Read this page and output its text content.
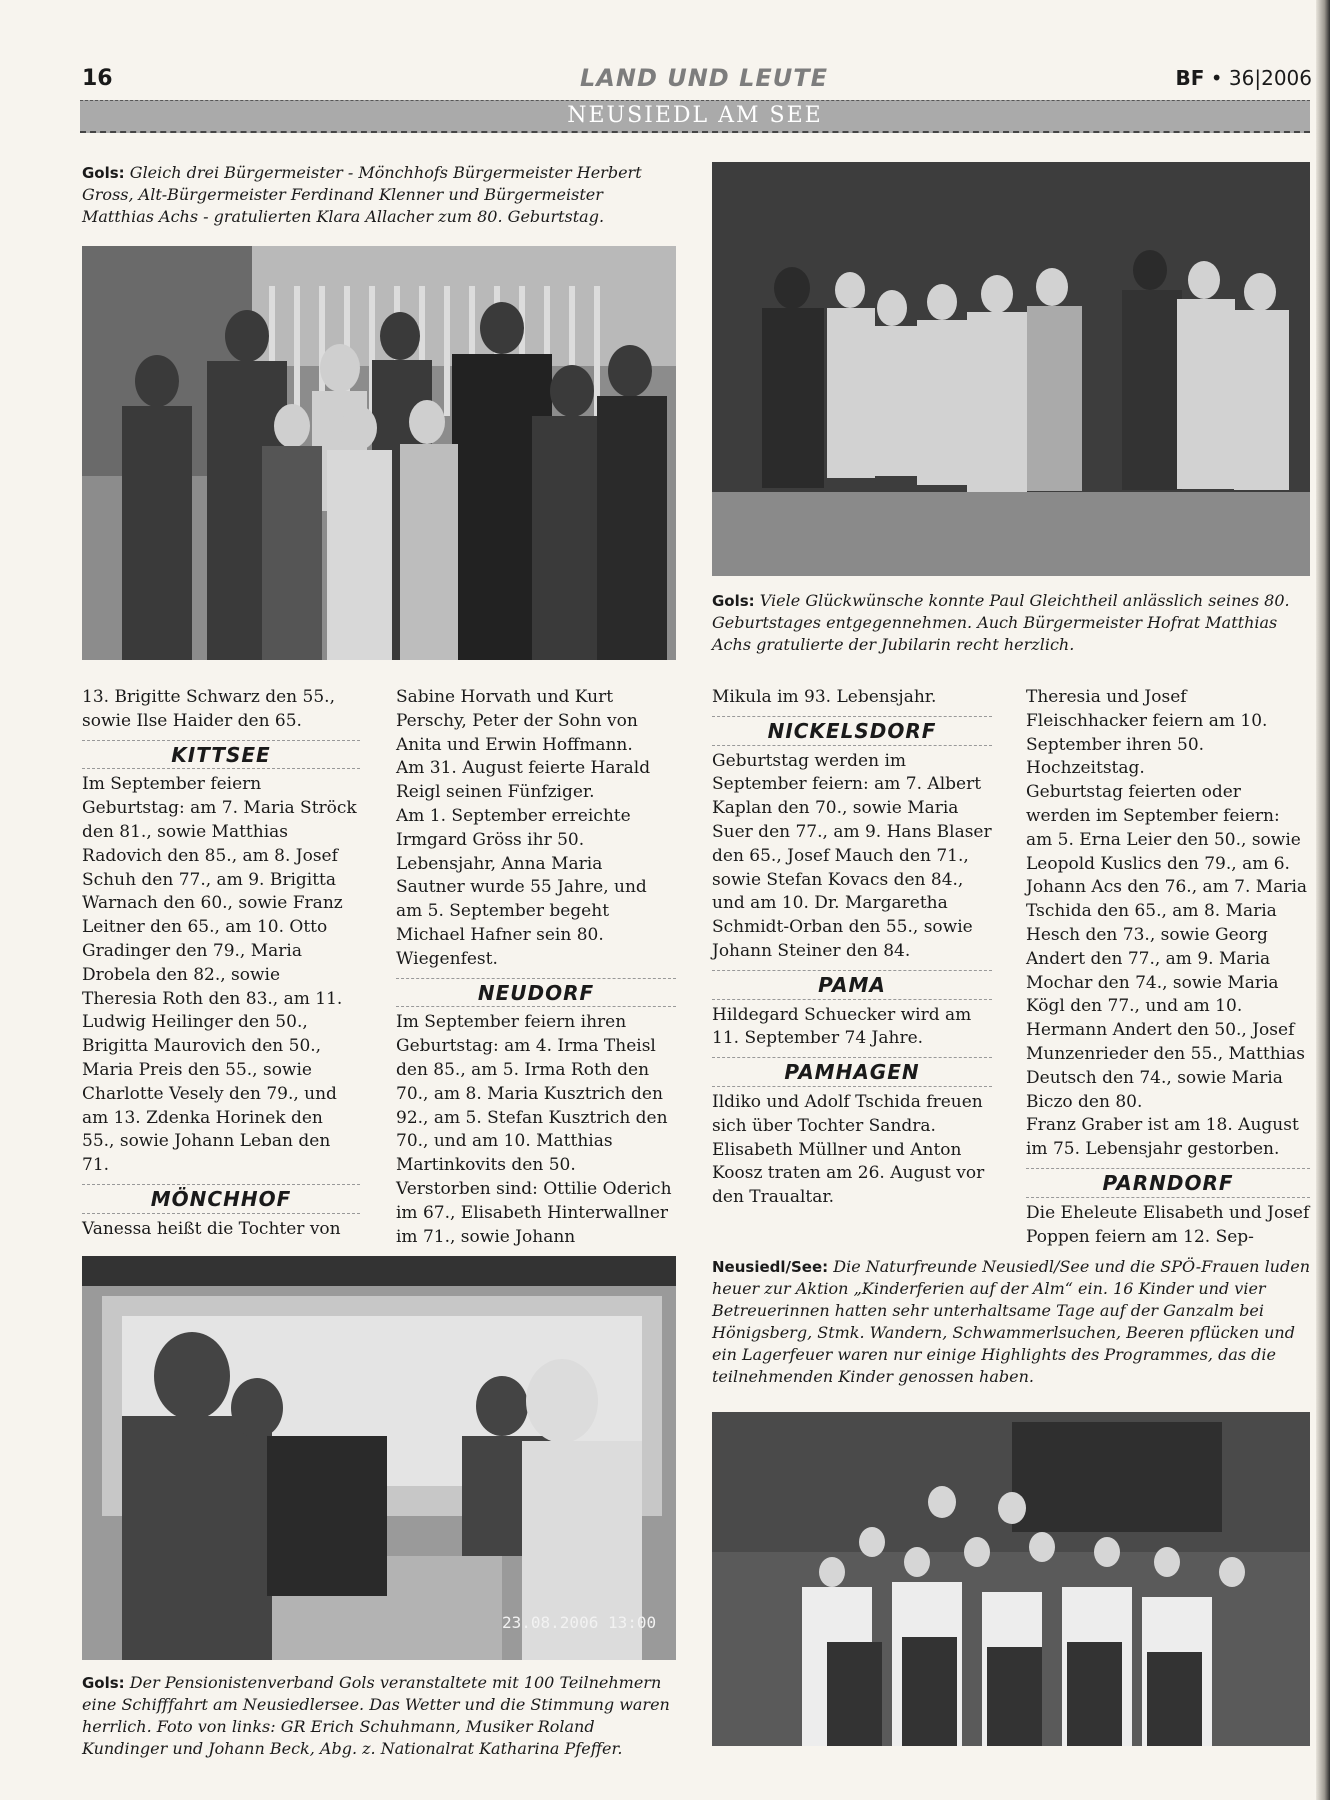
16	LAND UND LEUTE	BF • 36|2006
NEUSIEDL AM SEE
Gols: Gleich drei Bürgermeister - Mönchhofs Bürgermeister Herbert Gross, Alt-Bürgermeister Ferdinand Klenner und Bürgermeister Matthias Achs - gratulierten Klara Allacher zum 80. Geburtstag.
Gols: Viele Glückwünsche konnte Paul Gleichtheil anlässlich seines 80. Geburtstages entgegennehmen. Auch Bürgermeister Hofrat Matthias Achs gratulierte der Jubilarin recht herzlich.

13. Brigitte Schwarz den 55., sowie Ilse Haider den 65.

KITTSEE

Im September feiern Geburtstag: am 7. Maria Ströck den 81., sowie Matthias Radovich den 85., am 8. Josef Schuh den 77., am 9. Brigitta Warnach den 60., sowie Franz Leitner den 65., am 10. Otto Gradinger den 79., Maria Drobela den 82., sowie Theresia Roth den 83., am 11. Ludwig Heilinger den 50., Brigitta Maurovich den 50., Maria Preis den 55., sowie Charlotte Vesely den 79., und am 13. Zdenka Horinek den 55., sowie Johann Leban den 71.

MÖNCHHOF

Vanessa heißt die Tochter von

Sabine Horvath und Kurt Perschy, Peter der Sohn von Anita und Erwin Hoffmann.

Am 31. August feierte Harald Reigl seinen Fünfziger.

Am 1. September erreichte Irmgard Gröss ihr 50. Lebensjahr, Anna Maria Sautner wurde 55 Jahre, und am 5. September begeht Michael Hafner sein 80. Wiegenfest.

NEUDORF

Im September feiern ihren Geburtstag: am 4. Irma Theisl den 85., am 5. Irma Roth den 70., am 8. Maria Kusztrich den 92., am 5. Stefan Kusztrich den 70., und am 10. Matthias Martinkovits den 50.

Verstorben sind: Ottilie Oderich im 67., Elisabeth Hinterwallner im 71., sowie Johann

Mikula im 93. Lebensjahr.

NICKELSDORF

Geburtstag werden im September feiern: am 7. Albert Kaplan den 70., sowie Maria Suer den 77., am 9. Hans Blaser den 65., Josef Mauch den 71., sowie Stefan Kovacs den 84., und am 10. Dr. Margaretha Schmidt-Orban den 55., sowie Johann Steiner den 84.

PAMA

Hildegard Schuecker wird am 11. September 74 Jahre.

PAMHAGEN

Ildiko und Adolf Tschida freuen sich über Tochter Sandra.

Elisabeth Müllner und Anton Koosz traten am 26. August vor den Traualtar.

Theresia und Josef Fleischhacker feiern am 10. September ihren 50. Hochzeitstag.

Geburtstag feierten oder werden im September feiern: am 5. Erna Leier den 50., sowie Leopold Kuslics den 79., am 6. Johann Acs den 76., am 7. Maria Tschida den 65., am 8. Maria Hesch den 73., sowie Georg Andert den 77., am 9. Maria Mochar den 74., sowie Maria Kögl den 77., und am 10. Hermann Andert den 50., Josef Munzenrieder den 55., Matthias Deutsch den 74., sowie Maria Biczo den 80.

Franz Graber ist am 18. August im 75. Lebensjahr gestorben.

PARNDORF

Die Eheleute Elisabeth und Josef Poppen feiern am 12. Sep-

23.08.2006 13:00
Gols: Der Pensionistenverband Gols veranstaltete mit 100 Teilnehmern eine Schifffahrt am Neusiedlersee. Das Wetter und die Stimmung waren herrlich. Foto von links: GR Erich Schuhmann, Musiker Roland Kundinger und Johann Beck, Abg. z. Nationalrat Katharina Pfeffer.
Neusiedl/See: Die Naturfreunde Neusiedl/See und die SPÖ-Frauen luden heuer zur Aktion „Kinderferien auf der Alm“ ein. 16 Kinder und vier Betreuerinnen hatten sehr unterhaltsame Tage auf der Ganzalm bei Hönigsberg, Stmk. Wandern, Schwammerlsuchen, Beeren pflücken und ein Lagerfeuer waren nur einige Highlights des Programmes, das die teilnehmenden Kinder genossen haben.
